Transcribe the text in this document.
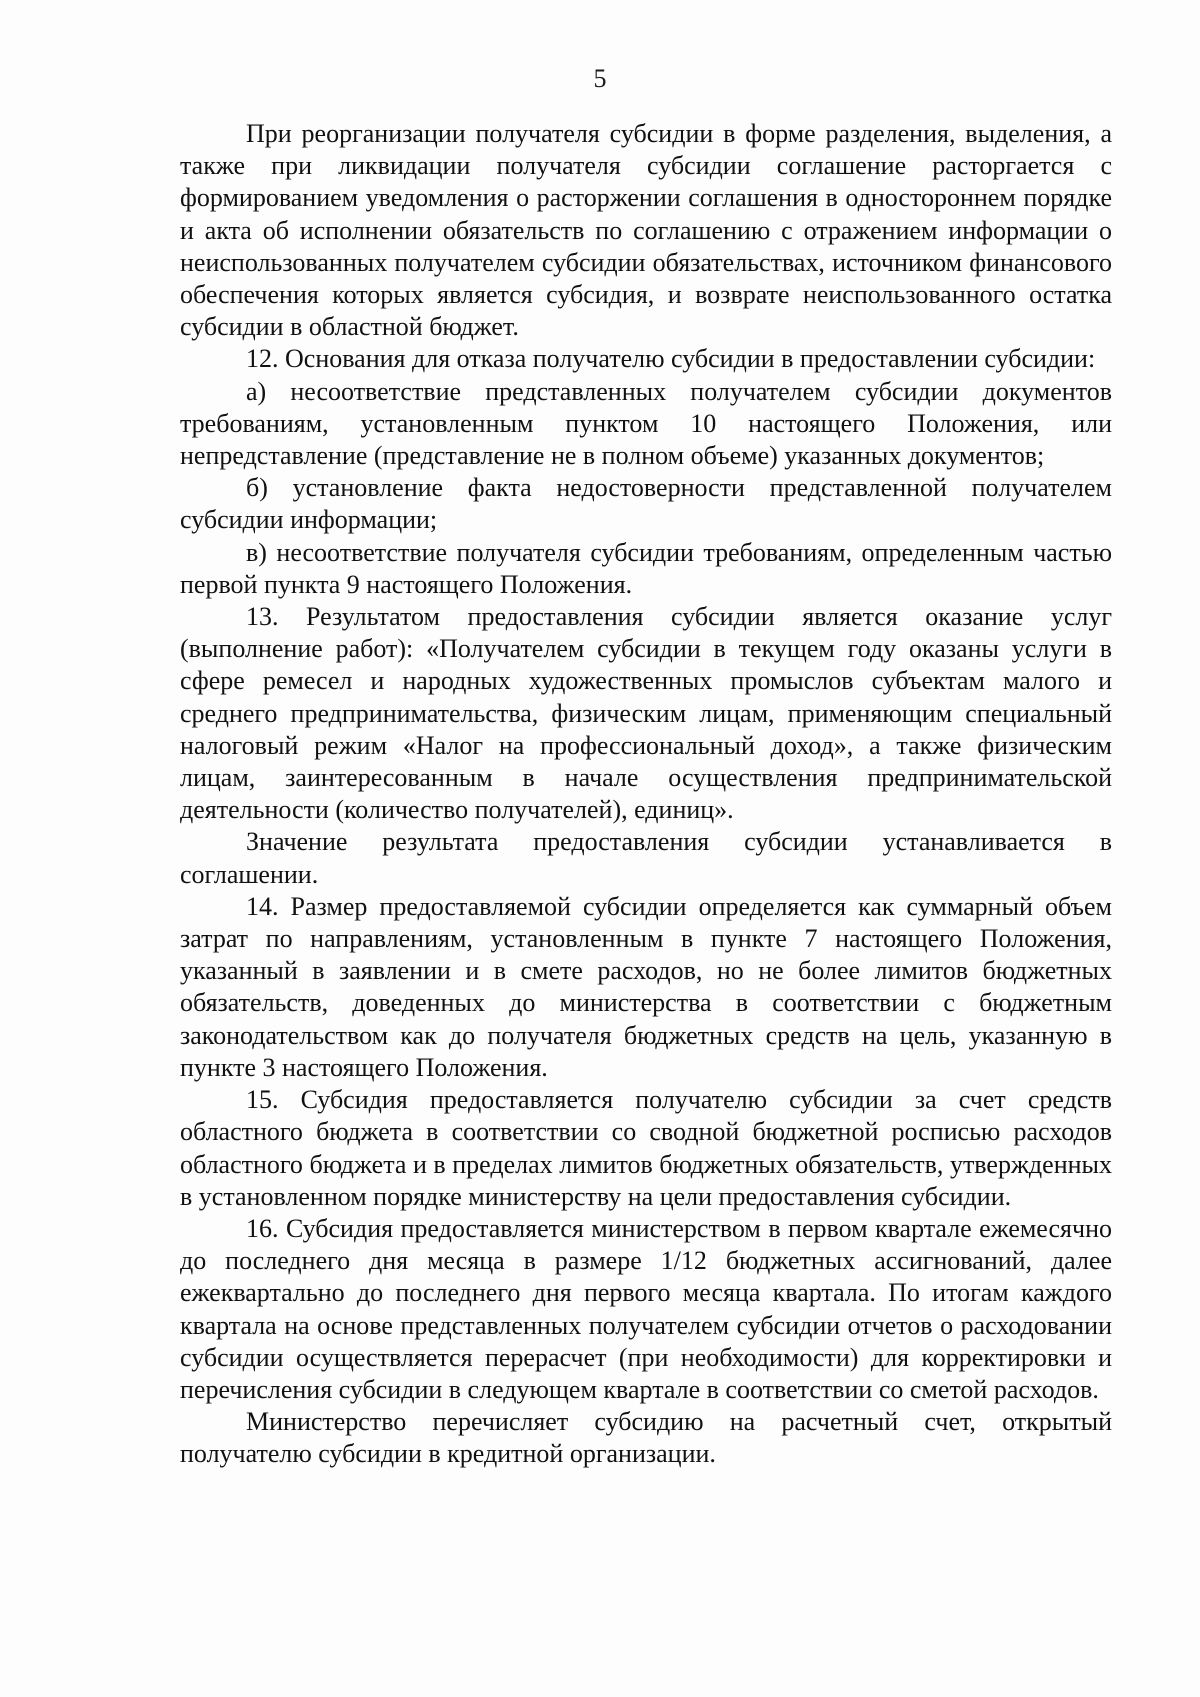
5

При реорганизации получателя субсидии в форме разделения, выделения, а также при ликвидации получателя субсидии соглашение расторгается с формированием уведомления о расторжении соглашения в одностороннем порядке и акта об исполнении обязательств по соглашению с отражением информации о неиспользованных получателем субсидии обязательствах, источником финансового обеспечения которых является субсидия, и возврате неиспользованного остатка субсидии в областной бюджет.

12. Основания для отказа получателю субсидии в предоставлении субсидии:

а) несоответствие представленных получателем субсидии документов требованиям, установленным пунктом 10 настоящего Положения, или непредставление (представление не в полном объеме) указанных документов;

б) установление факта недостоверности представленной получателем субсидии информации;

в) несоответствие получателя субсидии требованиям, определенным частью первой пункта 9 настоящего Положения.

13. Результатом предоставления субсидии является оказание услуг (выполнение работ): «Получателем субсидии в текущем году оказаны услуги в сфере ремесел и народных художественных промыслов субъектам малого и среднего предпринимательства, физическим лицам, применяющим специальный налоговый режим «Налог на профессиональный доход», а также физическим лицам, заинтересованным в начале осуществления предпринимательской деятельности (количество получателей), единиц».

Значение результата предоставления субсидии устанавливается в соглашении.

14. Размер предоставляемой субсидии определяется как суммарный объем затрат по направлениям, установленным в пункте 7 настоящего Положения, указанный в заявлении и в смете расходов, но не более лимитов бюджетных обязательств, доведенных до министерства в соответствии с бюджетным законодательством как до получателя бюджетных средств на цель, указанную в пункте 3 настоящего Положения.

15. Субсидия предоставляется получателю субсидии за счет средств областного бюджета в соответствии со сводной бюджетной росписью расходов областного бюджета и в пределах лимитов бюджетных обязательств, утвержденных в установленном порядке министерству на цели предоставления субсидии.

16. Субсидия предоставляется министерством в первом квартале ежемесячно до последнего дня месяца в размере 1/12 бюджетных ассигнований, далее ежеквартально до последнего дня первого месяца квартала. По итогам каждого квартала на основе представленных получателем субсидии отчетов о расходовании субсидии осуществляется перерасчет (при необходимости) для корректировки и перечисления субсидии в следующем квартале в соответствии со сметой расходов.

Министерство перечисляет субсидию на расчетный счет, открытый получателю субсидии в кредитной организации.
